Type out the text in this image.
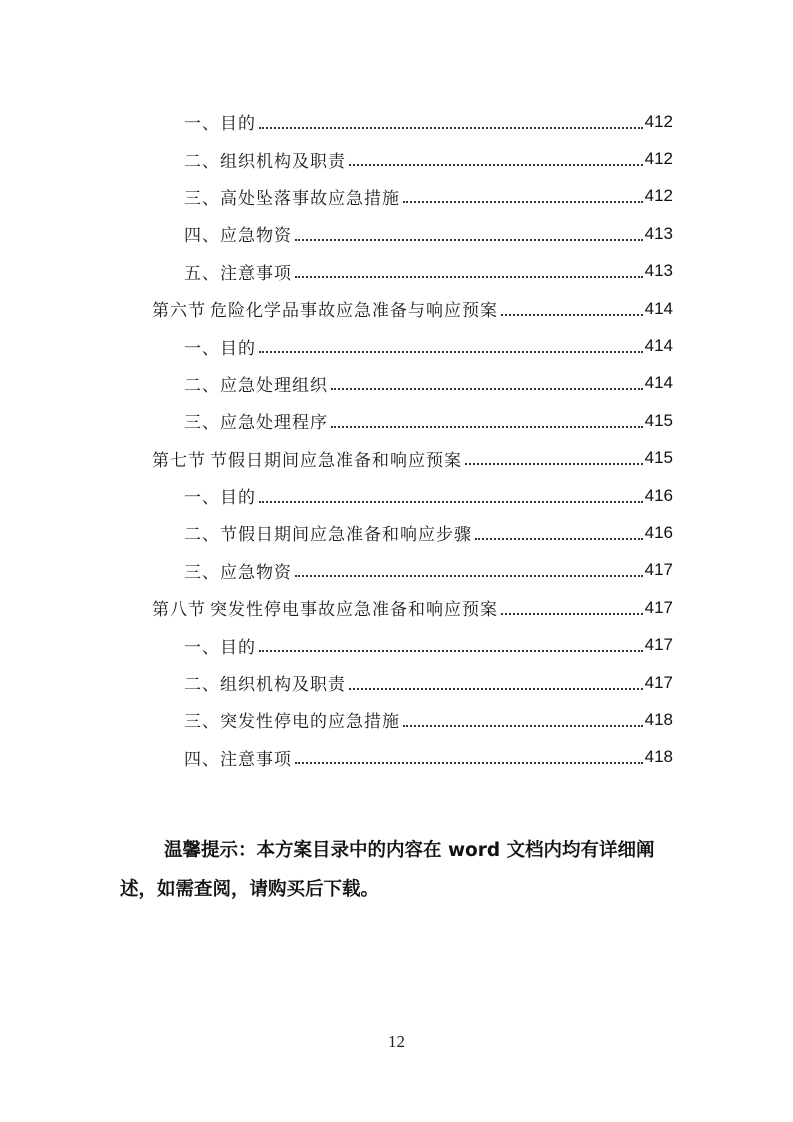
一、 目的	412
二、 组织机构及职责	412
三、 高处坠落事故应急措施	412
四、 应急物资	413
五、 注意事项	413
第六节 危险化学品事故应急准备与响应预案	414
一、 目的	414
二、 应急处理组织	414
三、 应急处理程序	415
第七节 节假日期间应急准备和响应预案	415
一、 目的	416
二、 节假日期间应急准备和响应步骤	416
三、 应急物资	417
第八节 突发性停电事故应急准备和响应预案	417
一、 目的	417
二、 组织机构及职责	417
三、 突发性停电的应急措施	418
四、 注意事项	418

温馨提示：本方案目录中的内容在 word 文档内均有详细阐述，如需查阅，请购买后下载。

12
